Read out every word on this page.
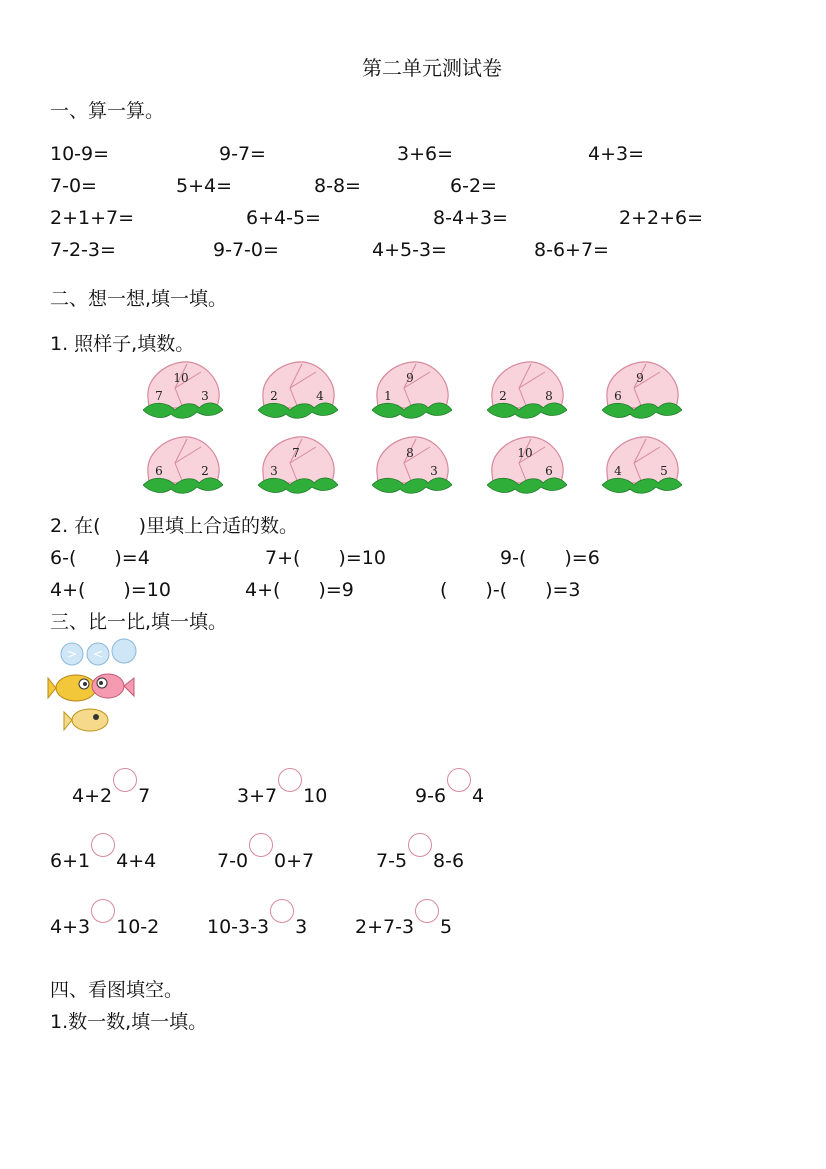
第二单元测试卷
一、算一算。
10-9=	9-7=	3+6=	4+3=
7-0=	5+4=	8-8=	6-2=
2+1+7=	6+4-5=	8-4+3=	2+2+6=
7-2-3=	9-7-0=	4+5-3=	8-6+7=
二、想一想,填一填。
1. 照样子,填数。
10
7	3	2	4
9
1	2	8
9
6
6	2
7
3
8
3
10
6	4	5
2. 在(　　)里填上合适的数。
6-(　　)=4	7+(　　)=10	9-(　　)=6
4+(　　)=10	4+(　　)=9	(　　)-(　　)=3
三、比一比,填一填。
> <
4+2 7	3+7 10	9-6 4
6+1 4+4	7-0 0+7	7-5 8-6
4+3 10-2	10-3-3 3	2+7-3 5
四、看图填空。
1.数一数,填一填。
